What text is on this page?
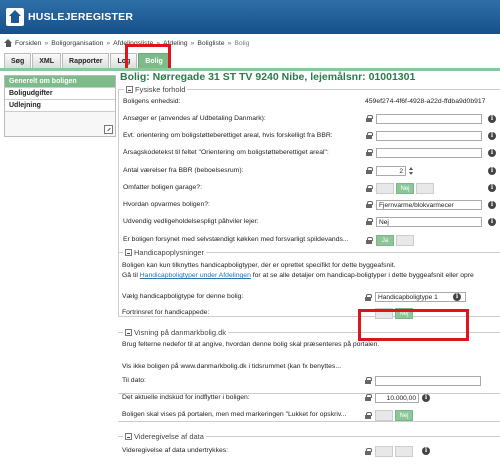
HUSLEJEREGISTER
Forsiden » Boligorganisation » Afdelingsliste » Afdeling » Boligliste » Bolig
Søg	XML	Rapporter	Log	Bolig
Generelt om boligen
Boligudgifter
Udlejning
Bolig: Nørregade 31 ST TV 9240 Nibe, lejemålsnr: 01001301
Fysiske forhold
Boligens enhedsid:	459ef274-4f6f-4928-a22d-ffdba9d0b917
Ansøger er (anvendes af Udbetaling Danmark):	i
Evt. orientering om boligstøtteberettiget areal, hvis forskelligt fra BBR:	i
Årsagskodetekst til feltet "Orientering om boligstøtteberettiget areal":	i
Antal værelser fra BBR (beboelsesrum):	2	i
Omfatter boligen garage?:	Nej	i
Hvordan opvarmes boligen?:	Fjernvarme/blokvarmecer	i
Udvendig vedligeholdelsespligt påhviler lejer:	Nej	i
Er boligen forsynet med selvstændigt køkken med forsvarligt spildevands...	Ja
Handicapoplysninger
Boligen kan kun tilknyttes handicapboligtyper, der er oprettet specifikt for dette byggeafsnit.
Gå til Handicapboligtyper under Afdelingen for at se alle detaljer om handicap-boligtyper i dette byggeafsnit eller opre
Vælg handicapboligtype for denne bolig:	Handicapboligtype 1	i
Fortrinsret for handicappede:	Nej
Visning på danmarkbolig.dk
Brug felterne nedefor til at angive, hvordan denne bolig skal præsenteres på portalen.
Vis ikke boligen på www.danmarkbolig.dk i tidsrummet (kan fx benyttes...
Til dato:
Det aktuelle indskud for indflytter i boligen:	10.000,00	i
Boligen skal vises på portalen, men med markeringen "Lukket for opskriv...	Nej
Videregivelse af data
Videregivelse af data undertrykkes:	i
